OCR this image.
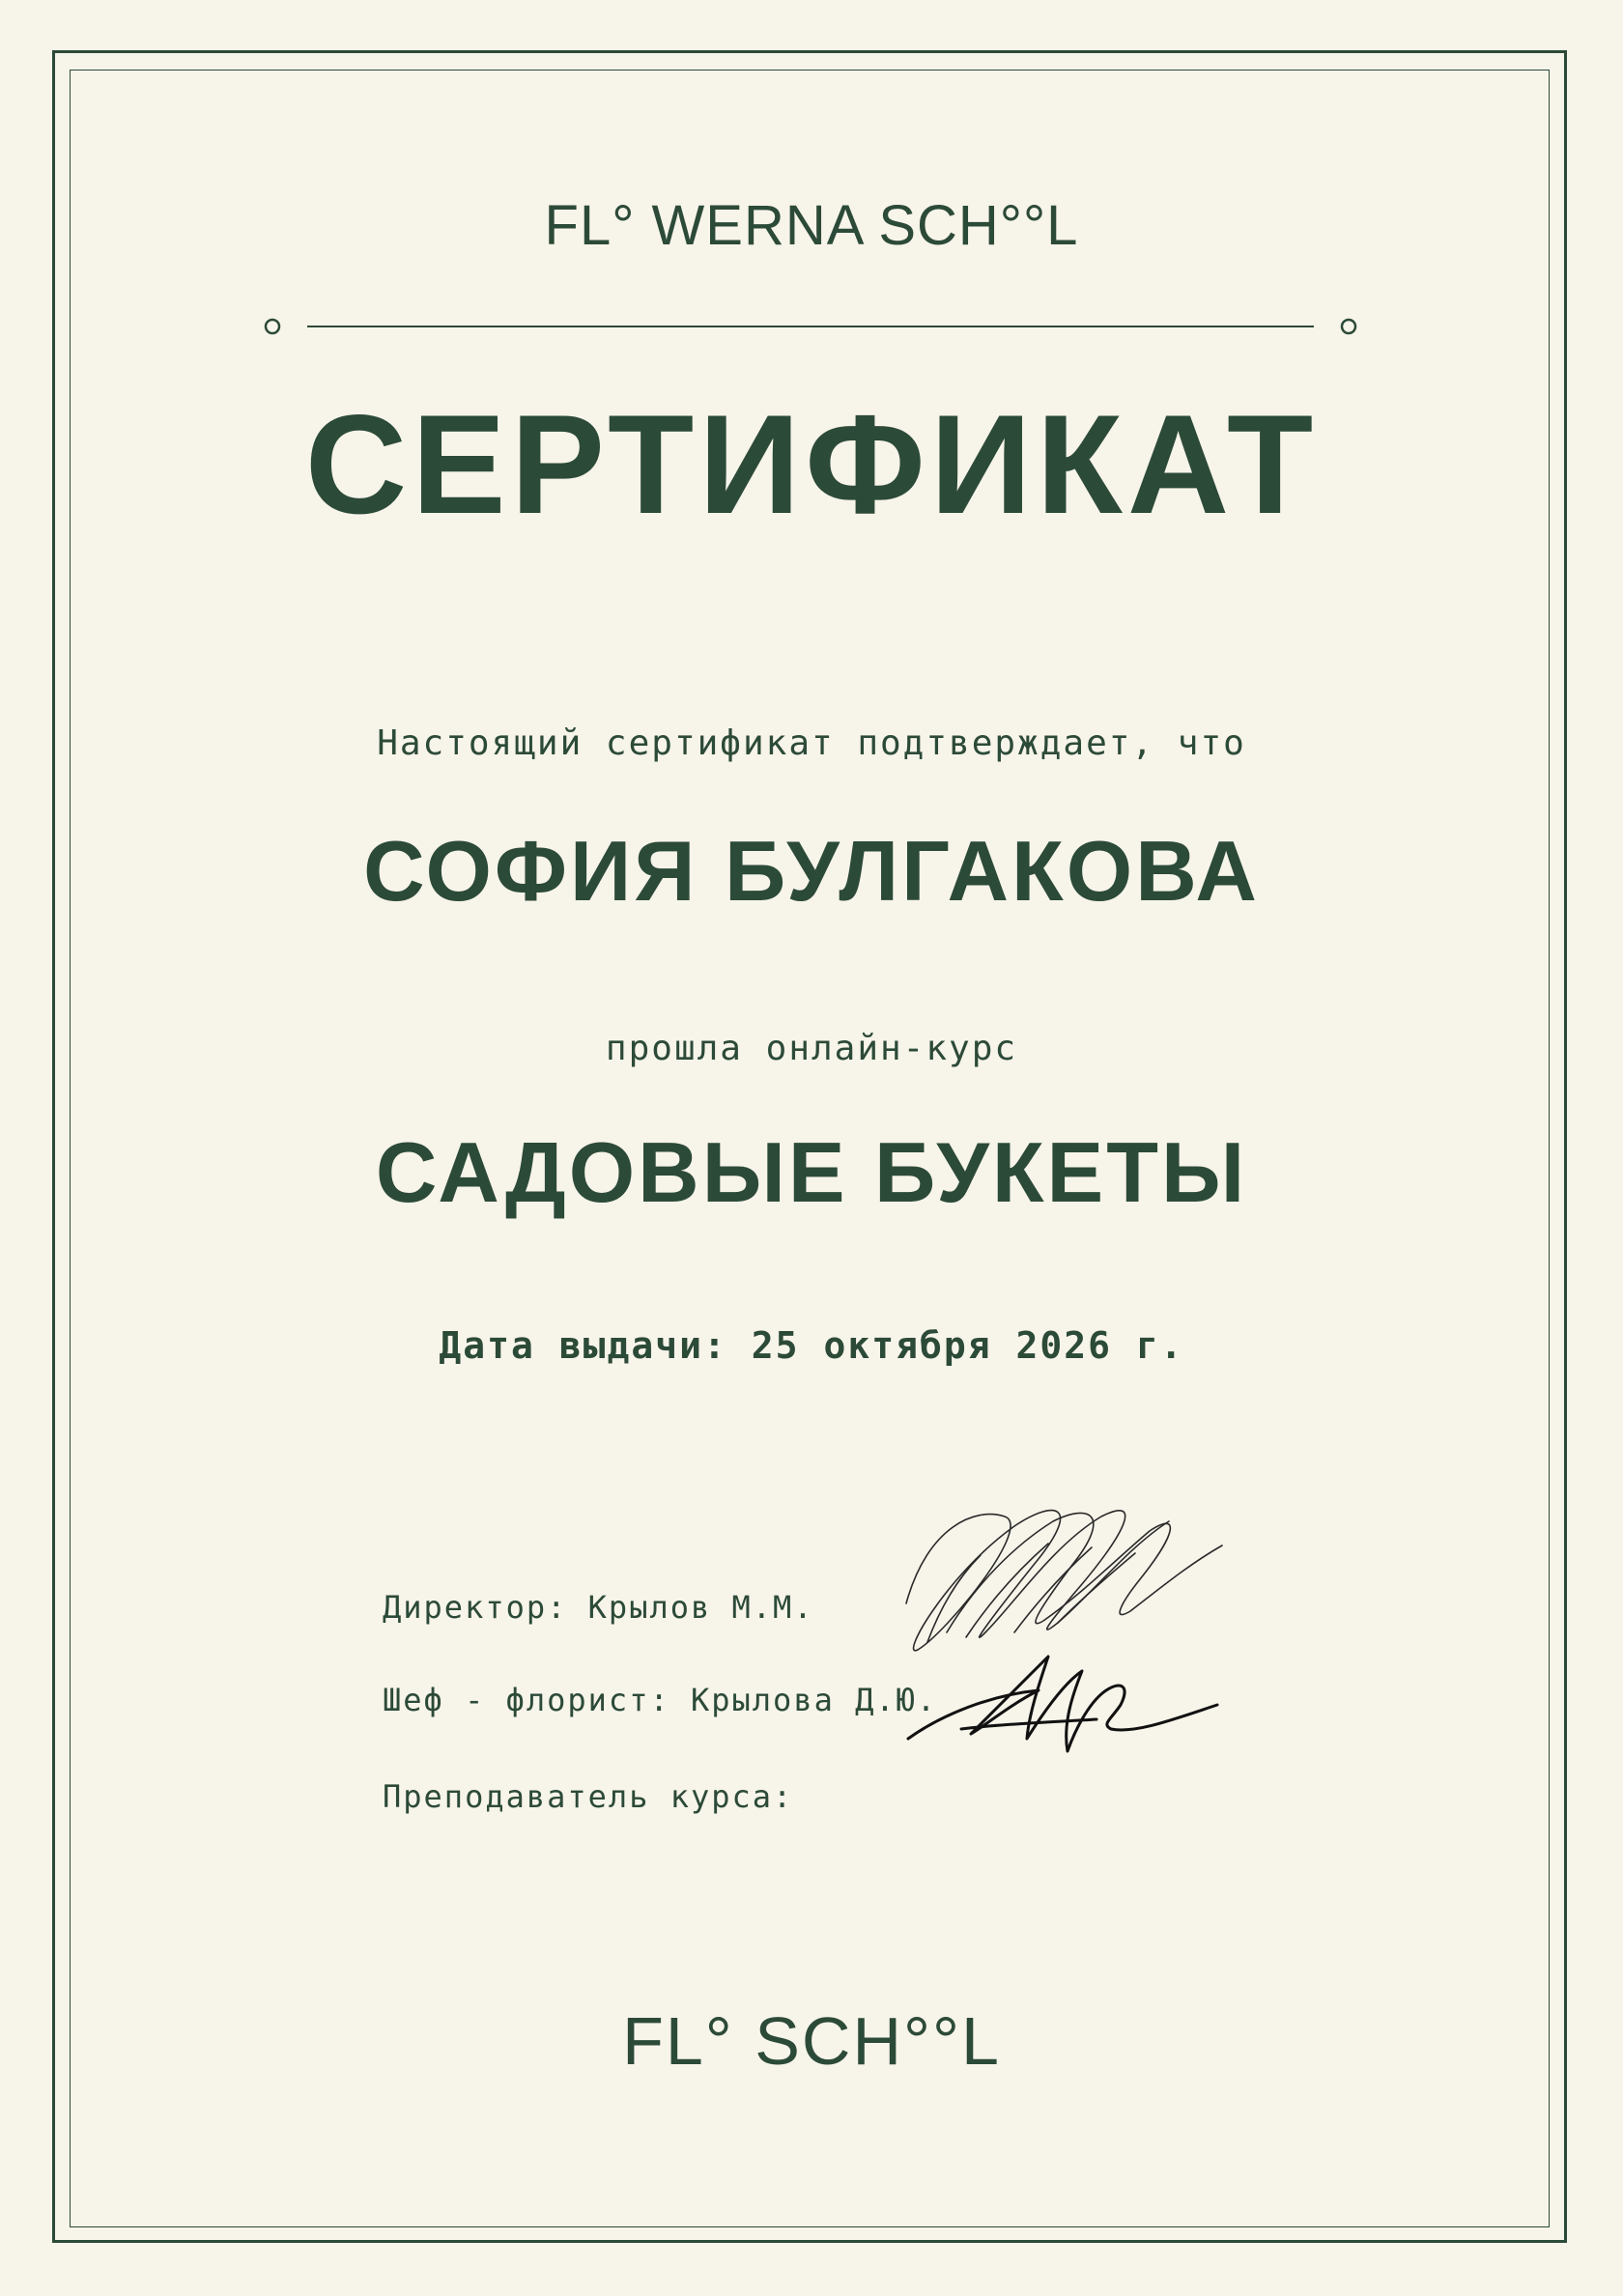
FL° WERNA SCH°°L
СЕРТИФИКАТ
Настоящий сертификат подтверждает, что
СОФИЯ БУЛГАКОВА
прошла онлайн-курс
САДОВЫЕ БУКЕТЫ
Дата выдачи: 25 октября 2026 г.
Директор: Крылов М.М.
Шеф - флорист: Крылова Д.Ю.
Преподаватель курса:
FL° SCH°°L
